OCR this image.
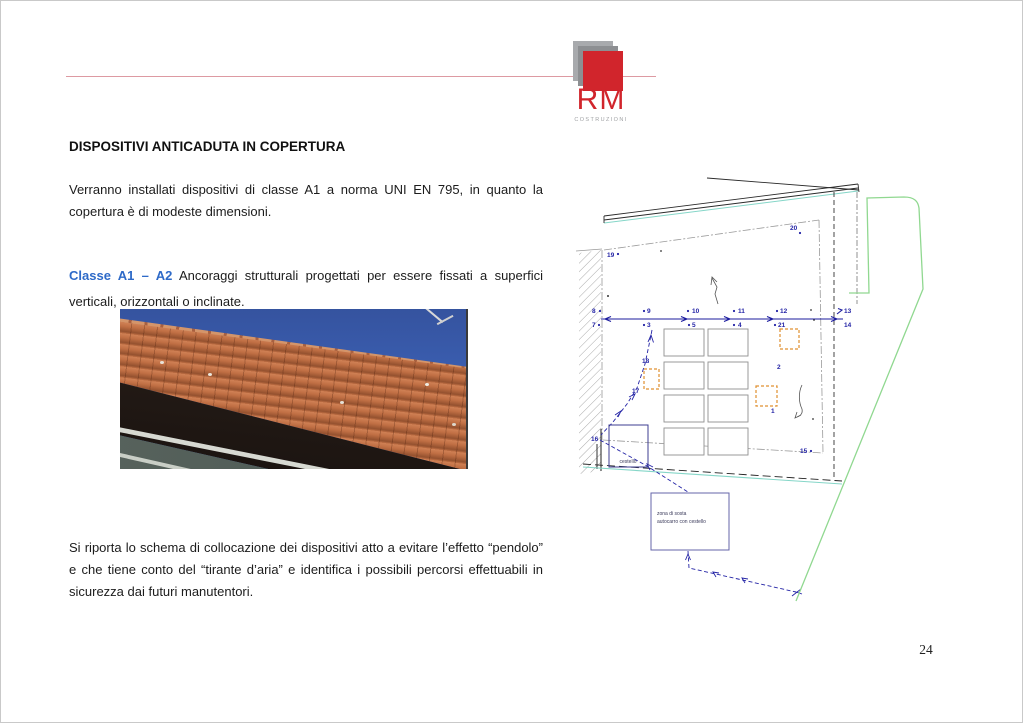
RM
COSTRUZIONI
DISPOSITIVI ANTICADUTA IN COPERTURA

Verranno installati dispositivi di classe A1 a norma UNI EN 795, in quanto la copertura è di modeste dimensioni.

Classe A1 – A2 Ancoraggi strutturali progettati per essere fissati a superfici verticali, orizzontali o inclinate.

Si riporta lo schema di collocazione dei dispositivi atto a evitare l’effetto “pendolo” e che tiene conto del “tirante d’aria” e identifica i possibili percorsi effettuabili in sicurezza dai futuri manutentori.

24
8	9	10	11	12	13
7	3	5	4	21	14
19
20
15
16
17
18
1
2
cestello
zona di sosta
autocarro con cestello
